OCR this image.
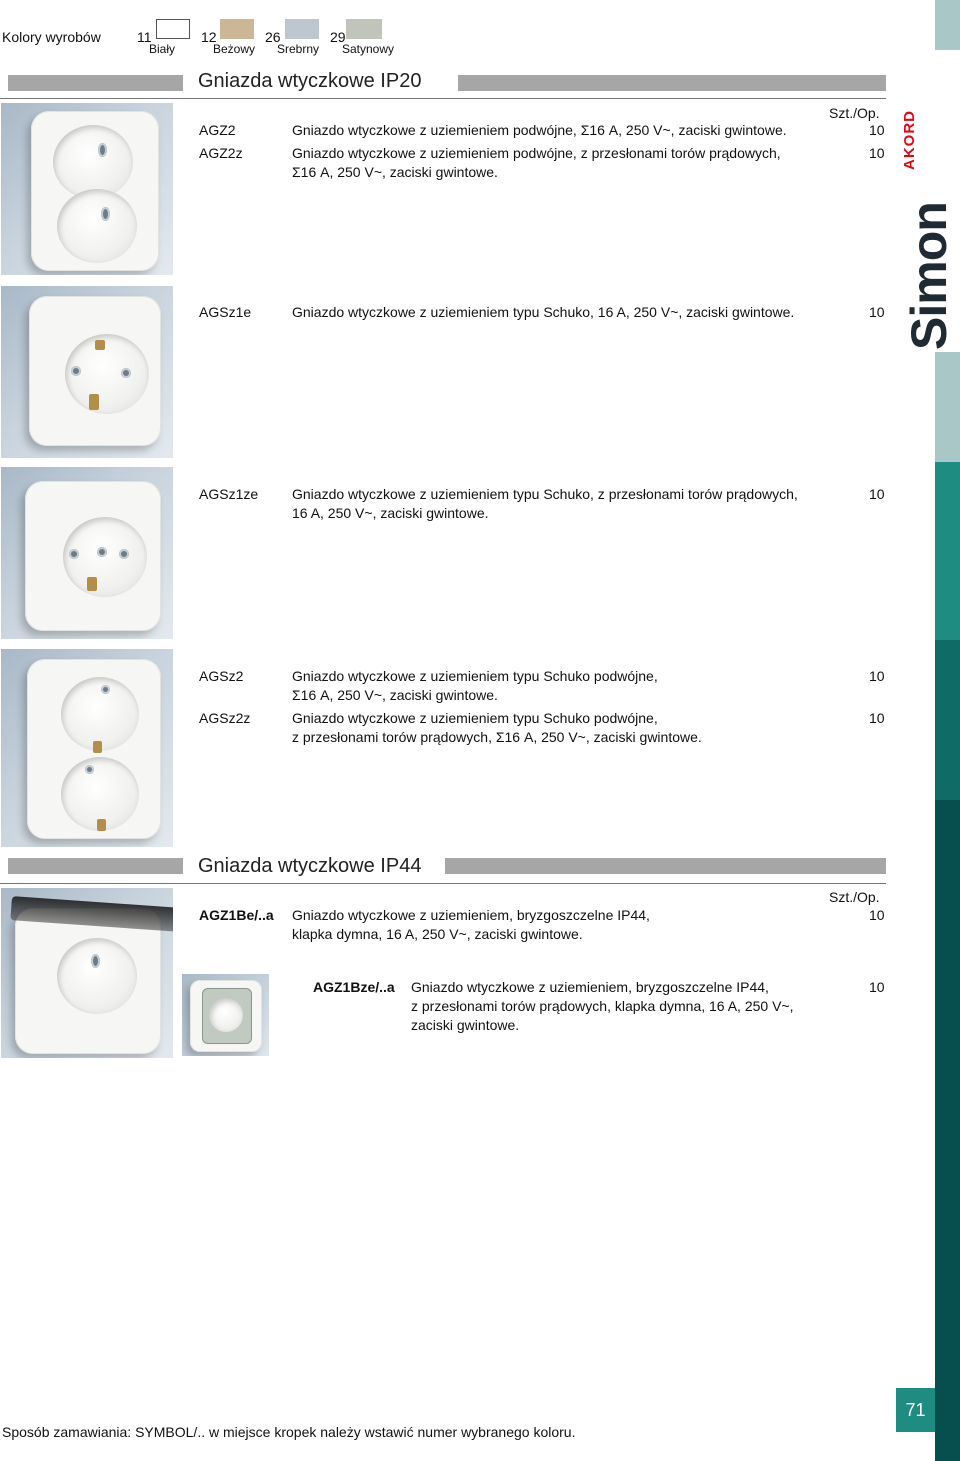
Kolory wyrobów	11
Biały
12
Beżowy
26
Srebrny
29
Satynowy
Simon
AKORD
Gniazda wtyczkowe IP20
Szt./Op.
AGZ2	Gniazdo wtyczkowe z uziemieniem podwójne, Σ16 A, 250 V~, zaciski gwintowe.	10
AGZ2z	Gniazdo wtyczkowe z uziemieniem podwójne, z przesłonami torów prądowych,
Σ16 A, 250 V~, zaciski gwintowe.
10
AGSz1e	Gniazdo wtyczkowe z uziemieniem typu Schuko, 16 A, 250 V~, zaciski gwintowe.	10
AGSz1ze Gniazdo wtyczkowe z uziemieniem typu Schuko, z przesłonami torów prądowych,
16 A, 250 V~, zaciski gwintowe.
10
AGSz2	Gniazdo wtyczkowe z uziemieniem typu Schuko podwójne,
Σ16 A, 250 V~, zaciski gwintowe.
10
AGSz2z	Gniazdo wtyczkowe z uziemieniem typu Schuko podwójne,
z przesłonami torów prądowych, Σ16 A, 250 V~, zaciski gwintowe.
10
Gniazda wtyczkowe IP44
Szt./Op.
AGZ1Be/..a Gniazdo wtyczkowe z uziemieniem, bryzgoszczelne IP44,
klapka dymna, 16 A, 250 V~, zaciski gwintowe.
10
AGZ1Bze/..a Gniazdo wtyczkowe z uziemieniem, bryzgoszczelne IP44,
z przesłonami torów prądowych, klapka dymna, 16 A, 250 V~,
zaciski gwintowe.
10
Sposób zamawiania: SYMBOL/.. w miejsce kropek należy wstawić numer wybranego koloru.
71
